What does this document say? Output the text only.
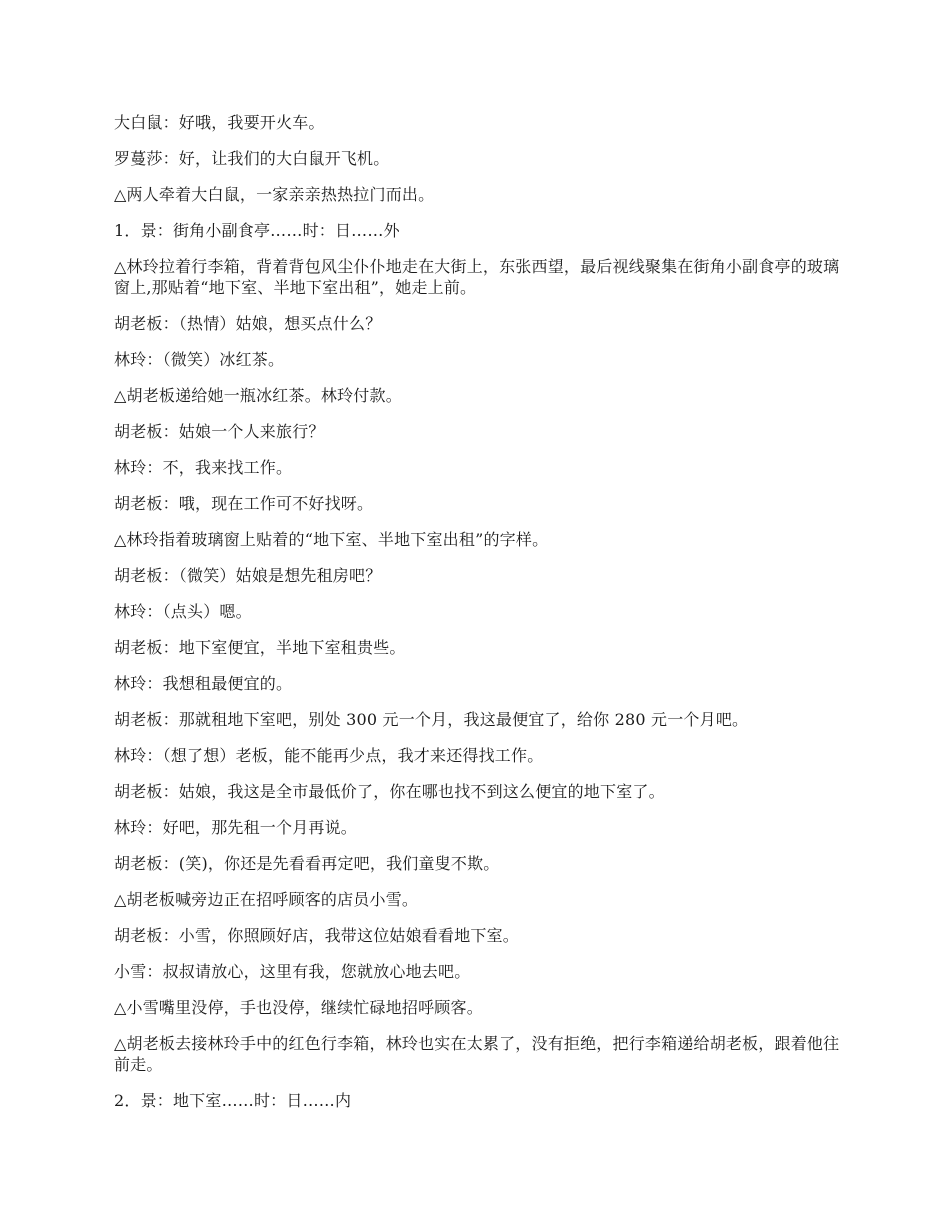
大白鼠：好哦，我要开火车。

罗蔓莎：好，让我们的大白鼠开飞机。

△两人牵着大白鼠，一家亲亲热热拉门而出。

1．景：街角小副食亭……时：日……外

△林玲拉着行李箱，背着背包风尘仆仆地走在大街上，东张西望，最后视线聚集在街角小副食亭的玻璃窗上,那贴着“地下室、半地下室出租”，她走上前。

胡老板：（热情）姑娘，想买点什么？

林玲：（微笑）冰红茶。

△胡老板递给她一瓶冰红茶。林玲付款。

胡老板：姑娘一个人来旅行？

林玲：不，我来找工作。

胡老板：哦，现在工作可不好找呀。

△林玲指着玻璃窗上贴着的“地下室、半地下室出租”的字样。

胡老板：（微笑）姑娘是想先租房吧？

林玲：（点头）嗯。

胡老板：地下室便宜，半地下室租贵些。

林玲：我想租最便宜的。

胡老板：那就租地下室吧，别处 300 元一个月，我这最便宜了，给你 280 元一个月吧。

林玲：（想了想）老板，能不能再少点，我才来还得找工作。

胡老板：姑娘，我这是全市最低价了，你在哪也找不到这么便宜的地下室了。

林玲：好吧，那先租一个月再说。

胡老板：(笑)，你还是先看看再定吧，我们童叟不欺。

△胡老板喊旁边正在招呼顾客的店员小雪。

胡老板：小雪，你照顾好店，我带这位姑娘看看地下室。

小雪：叔叔请放心，这里有我，您就放心地去吧。

△小雪嘴里没停，手也没停，继续忙碌地招呼顾客。

△胡老板去接林玲手中的红色行李箱，林玲也实在太累了，没有拒绝，把行李箱递给胡老板，跟着他往前走。

2．景：地下室……时：日……内
